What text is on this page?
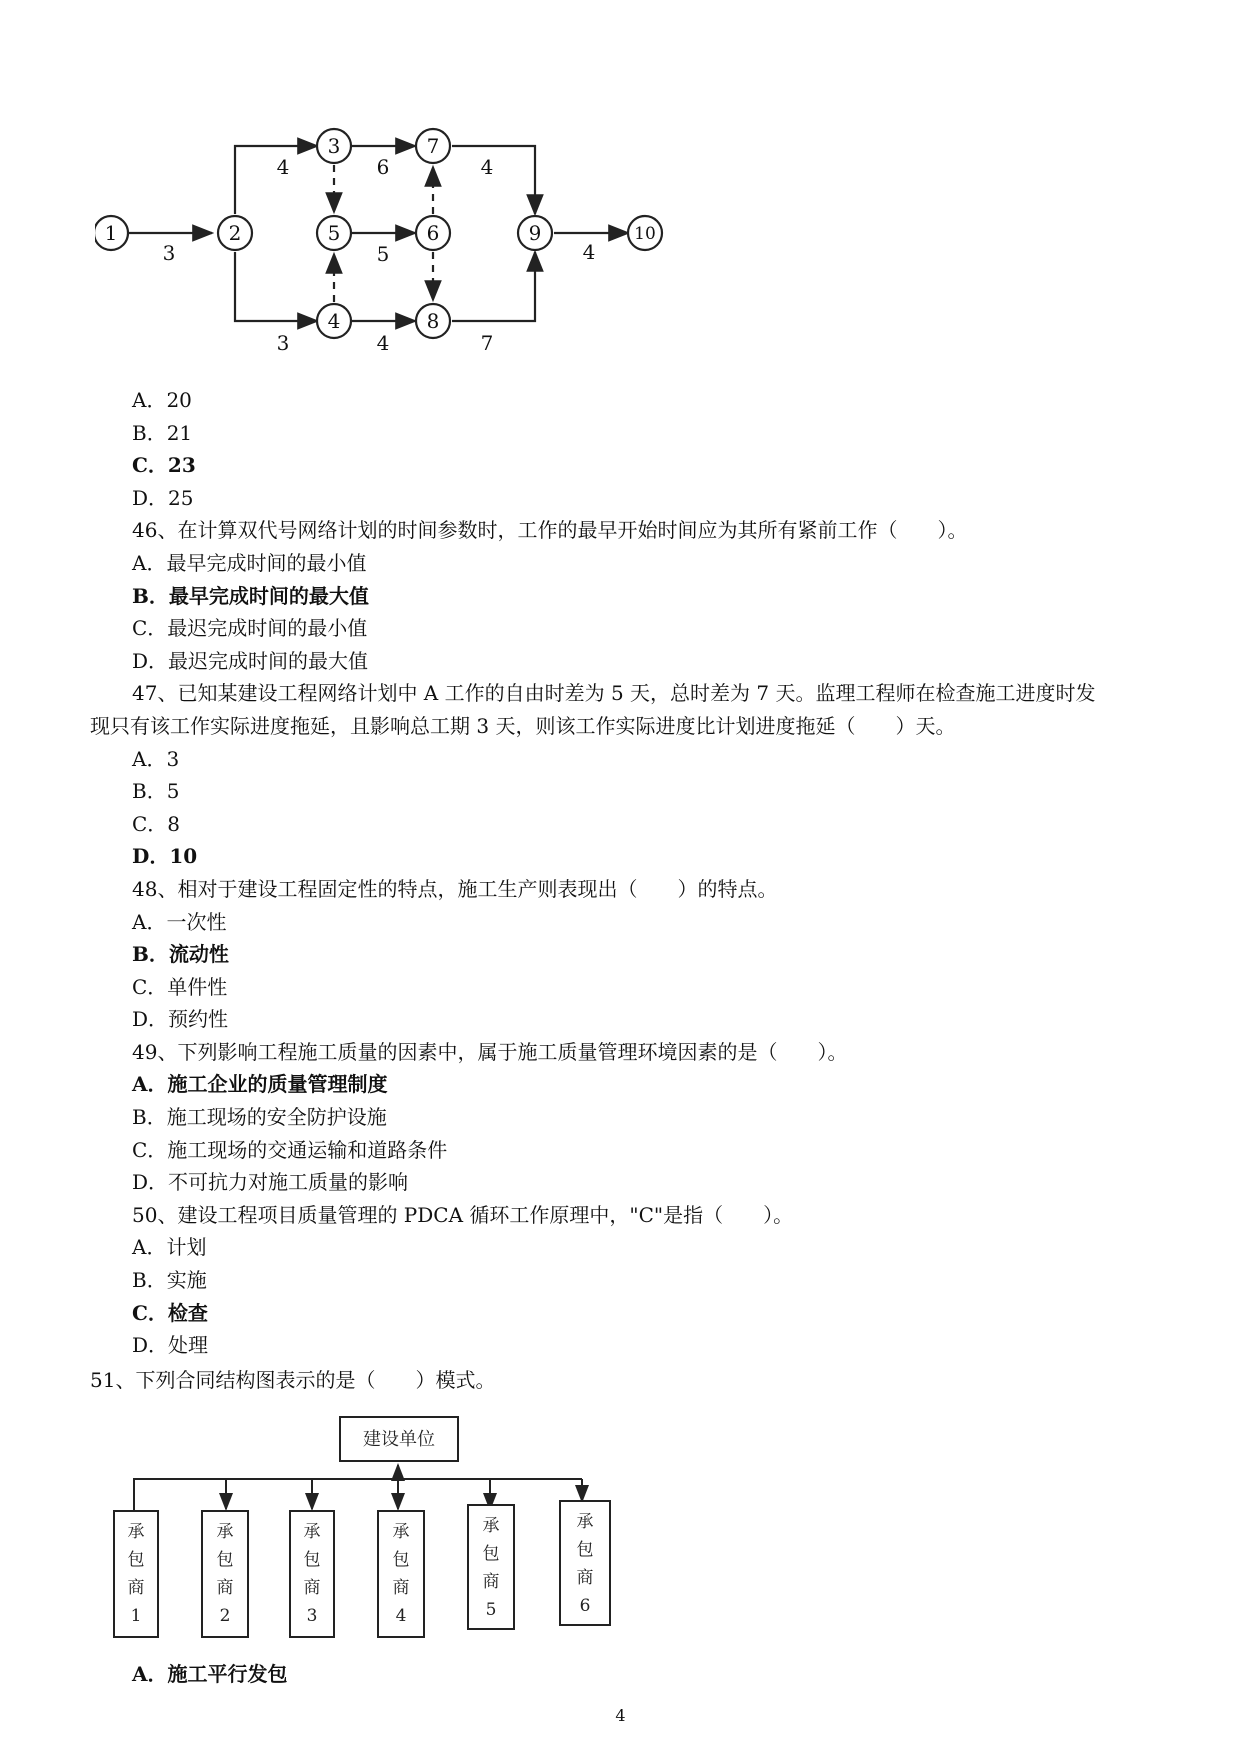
1	2
3
4
5	6
7
8
9	10
3
4
3
6
5
4
4
7
4
A．20
B．21
C．23
D．25
46、在计算双代号网络计划的时间参数时，工作的最早开始时间应为其所有紧前工作（　　）。
A．最早完成时间的最小值
B．最早完成时间的最大值
C．最迟完成时间的最小值
D．最迟完成时间的最大值
47、已知某建设工程网络计划中 A 工作的自由时差为 5 天，总时差为 7 天。监理工程师在检查施工进度时发
现只有该工作实际进度拖延，且影响总工期 3 天，则该工作实际进度比计划进度拖延（　　）天。
A．3
B．5
C．8
D．10
48、相对于建设工程固定性的特点，施工生产则表现出（　　）的特点。
A．一次性
B．流动性
C．单件性
D．预约性
49、下列影响工程施工质量的因素中，属于施工质量管理环境因素的是（　　）。
A．施工企业的质量管理制度
B．施工现场的安全防护设施
C．施工现场的交通运输和道路条件
D．不可抗力对施工质量的影响
50、建设工程项目质量管理的 PDCA 循环工作原理中，"C"是指（　　）。
A．计划
B．实施
C．检查
D．处理
51、下列合同结构图表示的是（　　）模式。
建设单位
承包商 1
承包商 2
承包商 3
承包商 4
承包商 5
承包商 6
A．施工平行发包
4
